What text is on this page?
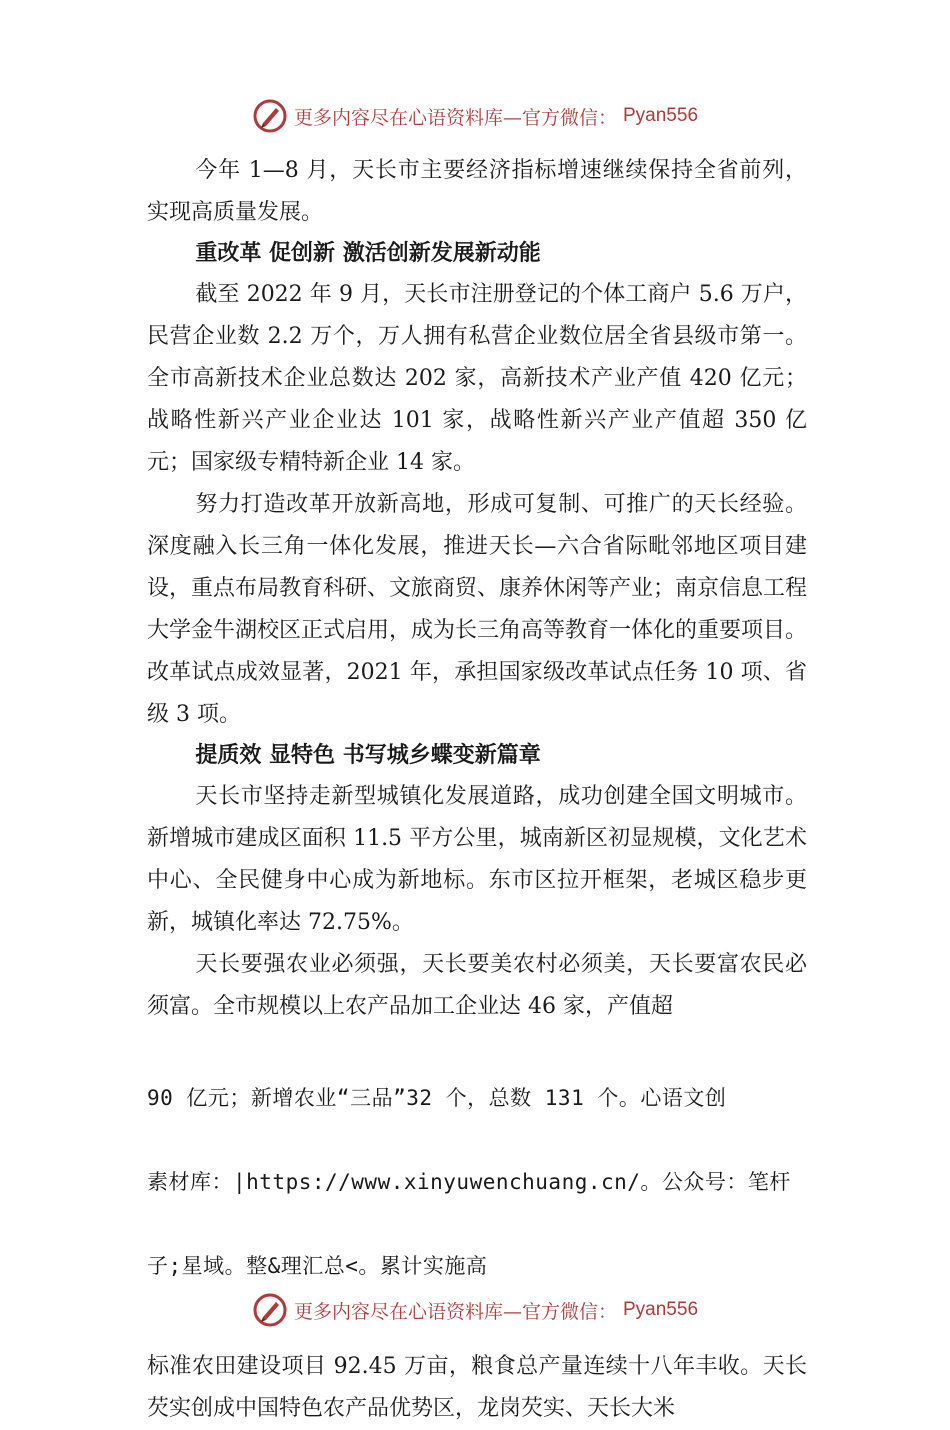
更多内容尽在心语资料库—官方微信： Pyan556

今年 1—8 月，天长市主要经济指标增速继续保持全省前列，实现高质量发展。

重改革 促创新 激活创新发展新动能

截至 2022 年 9 月，天长市注册登记的个体工商户 5.6 万户，民营企业数 2.2 万个，万人拥有私营企业数位居全省县级市第一。全市高新技术企业总数达 202 家，高新技术产业产值 420 亿元；战略性新兴产业企业达 101 家，战略性新兴产业产值超 350 亿元；国家级专精特新企业 14 家。

努力打造改革开放新高地，形成可复制、可推广的天长经验。深度融入长三角一体化发展，推进天长—六合省际毗邻地区项目建设，重点布局教育科研、文旅商贸、康养休闲等产业；南京信息工程大学金牛湖校区正式启用，成为长三角高等教育一体化的重要项目。改革试点成效显著，2021 年，承担国家级改革试点任务 10 项、省级 3 项。

提质效 显特色 书写城乡蝶变新篇章

天长市坚持走新型城镇化发展道路，成功创建全国文明城市。新增城市建成区面积 11.5 平方公里，城南新区初显规模，文化艺术中心、全民健身中心成为新地标。东市区拉开框架，老城区稳步更新，城镇化率达 72.75%。

天长要强农业必须强，天长要美农村必须美，天长要富农民必须富。全市规模以上农产品加工企业达 46 家，产值超

90 亿元；新增农业“三品”32 个，总数 131 个。心语文创

素材库：|https://www.xinyuwenchuang.cn/。公众号：笔杆

子;星域。整&理汇总<。累计实施高

标准农田建设项目 92.45 万亩，粮食总产量连续十八年丰收。天长芡实创成中国特色农产品优势区，龙岗芡实、天长大米

更多内容尽在心语资料库—官方微信： Pyan556
